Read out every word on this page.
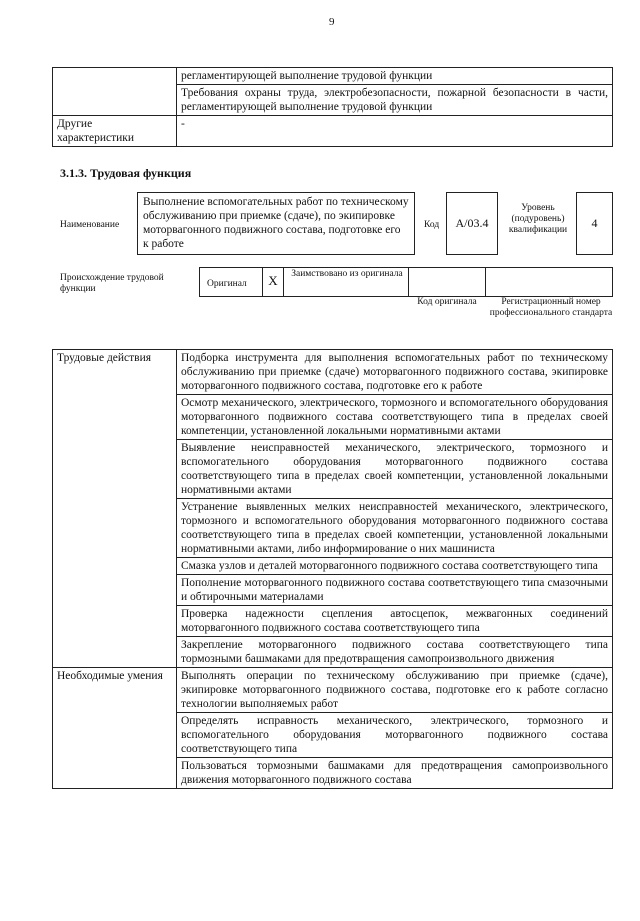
9
	регламентирующей выполнение трудовой функции
	Требования охраны труда, электробезопасности, пожарной безопасности в части, регламентирующей выполнение трудовой функции
Другие характеристики	-
3.1.3. Трудовая функция
Наименование
Выполнение вспомогательных работ по техническому обслуживанию при приемке (сдаче), по экипировке моторвагонного подвижного состава, подготовке его к работе
Код	А/03.4
Уровень (подуровень) квалификации	4
Происхождение трудовой функции	Оригинал	X	Заимствовано из оригинала
Код оригинала	Регистрационный номер профессионального стандарта
Трудовые действия	Подборка инструмента для выполнения вспомогательных работ по техническому обслуживанию при приемке (сдаче) моторвагонного подвижного состава, экипировке моторвагонного подвижного состава, подготовке его к работе
	Осмотр механического, электрического, тормозного и вспомогательного оборудования моторвагонного подвижного состава соответствующего типа в пределах своей компетенции, установленной локальными нормативными актами
	Выявление неисправностей механического, электрического, тормозного и вспомогательного оборудования моторвагонного подвижного состава соответствующего типа в пределах своей компетенции, установленной локальными нормативными актами
	Устранение выявленных мелких неисправностей механического, электрического, тормозного и вспомогательного оборудования моторвагонного подвижного состава соответствующего типа в пределах своей компетенции, установленной локальными нормативными актами, либо информирование о них машиниста
	Смазка узлов и деталей моторвагонного подвижного состава соответствующего типа
	Пополнение моторвагонного подвижного состава соответствующего типа смазочными и обтирочными материалами
	Проверка надежности сцепления автосцепок, межвагонных соединений моторвагонного подвижного состава соответствующего типа
	Закрепление моторвагонного подвижного состава соответствующего типа тормозными башмаками для предотвращения самопроизвольного движения
Необходимые умения	Выполнять операции по техническому обслуживанию при приемке (сдаче), экипировке моторвагонного подвижного состава, подготовке его к работе согласно технологии выполняемых работ
	Определять исправность механического, электрического, тормозного и вспомогательного оборудования моторвагонного подвижного состава соответствующего типа
	Пользоваться тормозными башмаками для предотвращения самопроизвольного движения моторвагонного подвижного состава
